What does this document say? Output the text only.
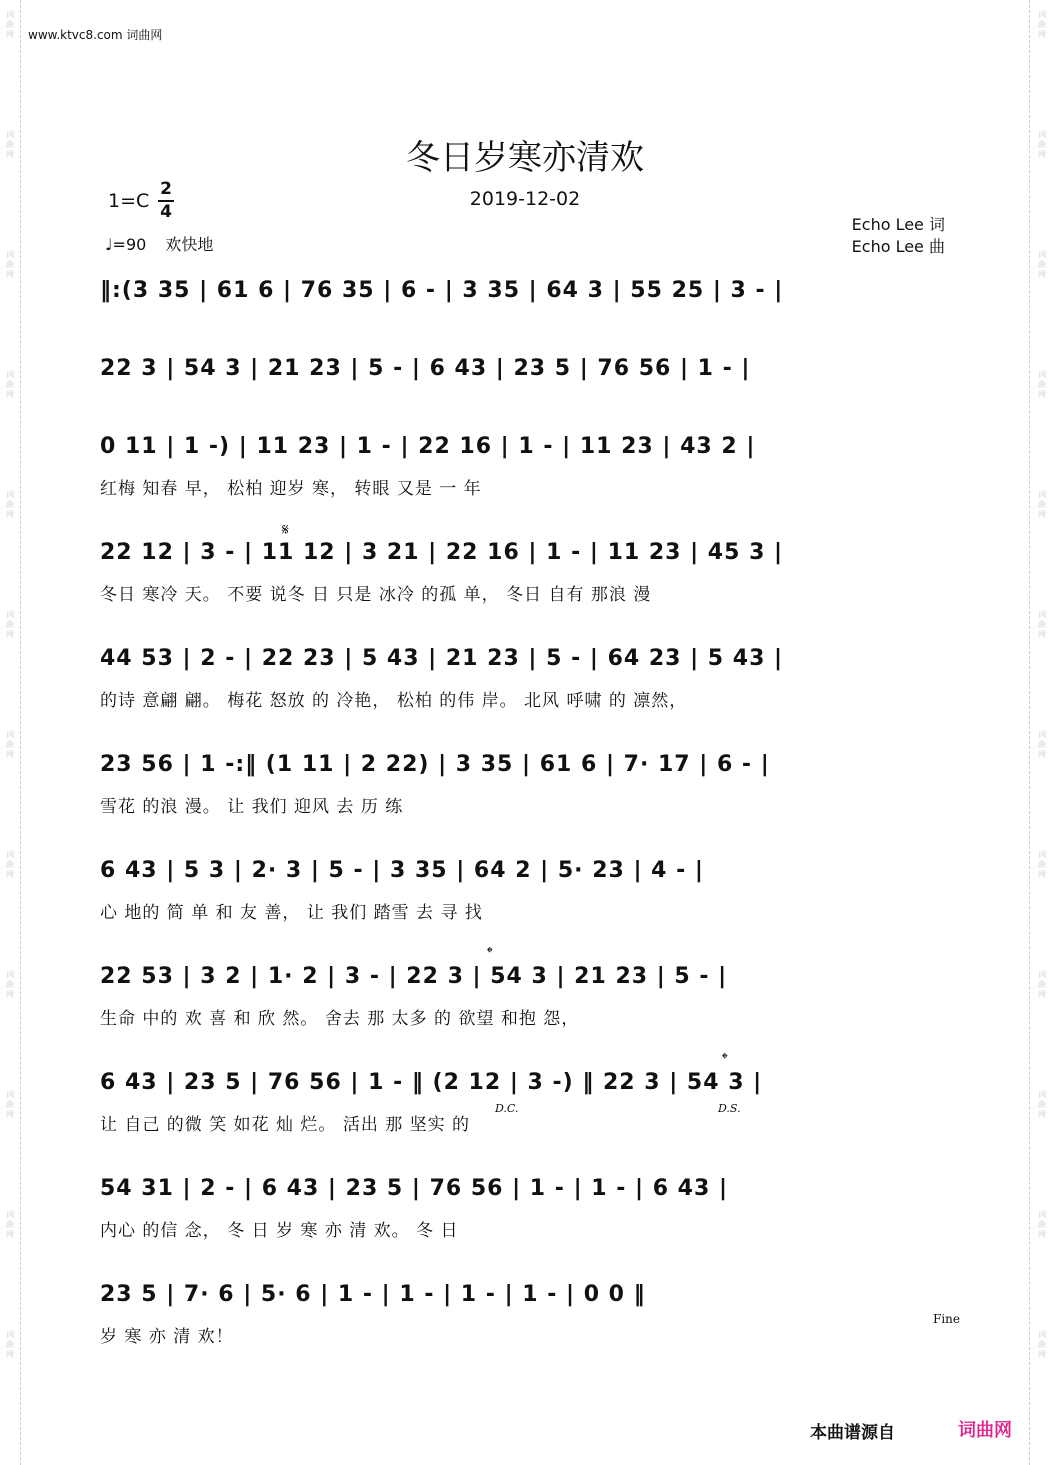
词曲网
词曲网
词曲网
词曲网
词曲网
词曲网
词曲网
词曲网
词曲网
词曲网
词曲网
词曲网
词曲网
词曲网
词曲网
词曲网
词曲网
词曲网
词曲网
词曲网
词曲网
词曲网
词曲网
词曲网
www.ktvc8.com 词曲网
冬日岁寒亦清欢
2019-12-02
1=C
2
4
♩=90 欢快地
Echo Lee 词
Echo Lee 曲
‖:(3 35 | 61 6 | 76 35 | 6 - | 3 35 | 64 3 | 55 25 | 3 - |
22 3 | 54 3 | 21 23 | 5 - | 6 43 | 23 5 | 76 56 | 1 - |
0 11 | 1 -) | 11 23 | 1 - | 22 16 | 1 - | 11 23 | 43 2 |
红梅 知春 早， 松柏 迎岁 寒， 转眼 又是 一 年
22 12 | 3 - | 11 12 | 3 21 | 22 16 | 1 - | 11 23 | 45 3 |
冬日 寒冷 天。 不要 说冬 日 只是 冰冷 的孤 单， 冬日 自有 那浪 漫
44 53 | 2 - | 22 23 | 5 43 | 21 23 | 5 - | 64 23 | 5 43 |
的诗 意翩 翩。 梅花 怒放 的 冷艳， 松柏 的伟 岸。 北风 呼啸 的 凛然，
23 56 | 1 -:‖ (1 11 | 2 22) | 3 35 | 61 6 | 7· 17 | 6 - |
雪花 的浪 漫。 让 我们 迎风 去 历 练
6 43 | 5 3 | 2· 3 | 5 - | 3 35 | 64 2 | 5· 23 | 4 - |
心 地的 简 单 和 友 善， 让 我们 踏雪 去 寻 找
22 53 | 3 2 | 1· 2 | 3 - | 22 3 | 54 3 | 21 23 | 5 - |
生命 中的 欢 喜 和 欣 然。 舍去 那 太多 的 欲望 和抱 怨，
6 43 | 23 5 | 76 56 | 1 - ‖ (2 12 | 3 -) ‖ 22 3 | 54 3 |
让 自己 的微 笑 如花 灿 烂。 活出 那 坚实 的
54 31 | 2 - | 6 43 | 23 5 | 76 56 | 1 - | 1 - | 6 43 |
内心 的信 念， 冬 日 岁 寒 亦 清 欢。 冬 日
23 5 | 7· 6 | 5· 6 | 1 - | 1 - | 1 - | 1 - | 0 0 ‖
岁 寒 亦 清 欢！
𝄋
𝄌
𝄌
D.C.	D.S.
Fine
本曲谱源自	词曲网
